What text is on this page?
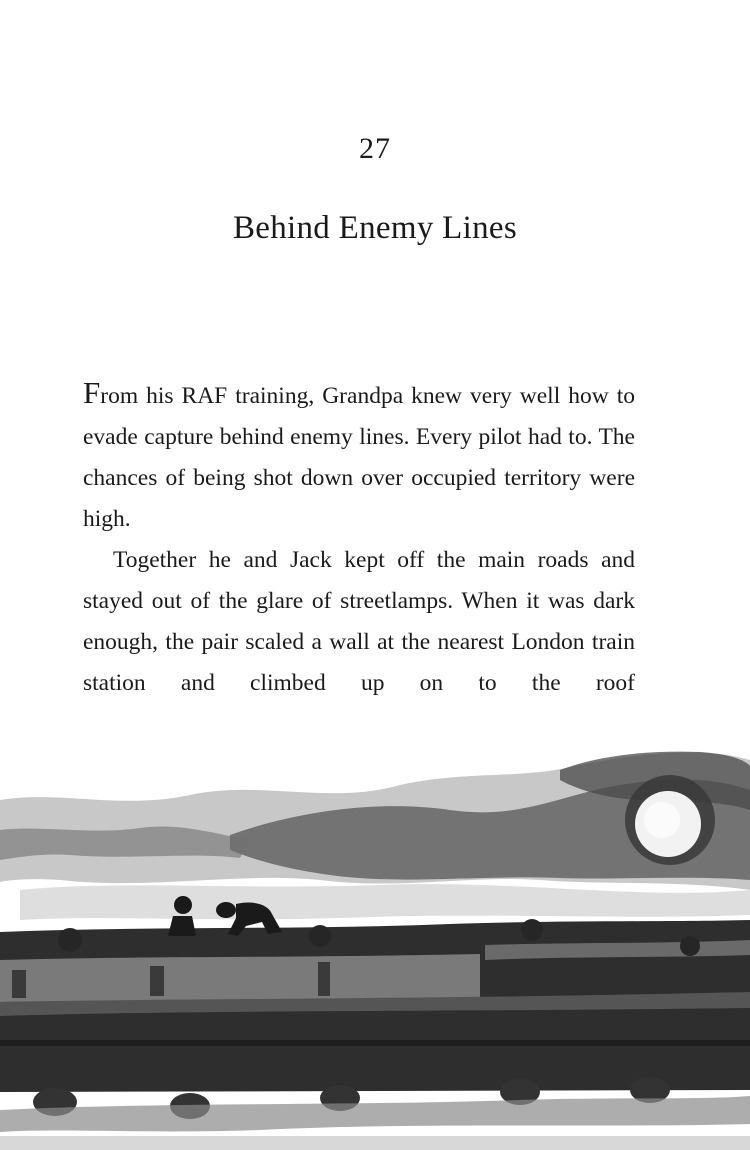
27
Behind Enemy Lines

From his RAF training, Grandpa knew very well how to evade capture behind enemy lines. Every pilot had to. The chances of being shot down over occupied territory were high.

Together he and Jack kept off the main roads and stayed out of the glare of streetlamps. When it was dark enough, the pair scaled a wall at the nearest London train station and climbed up on to the roof
